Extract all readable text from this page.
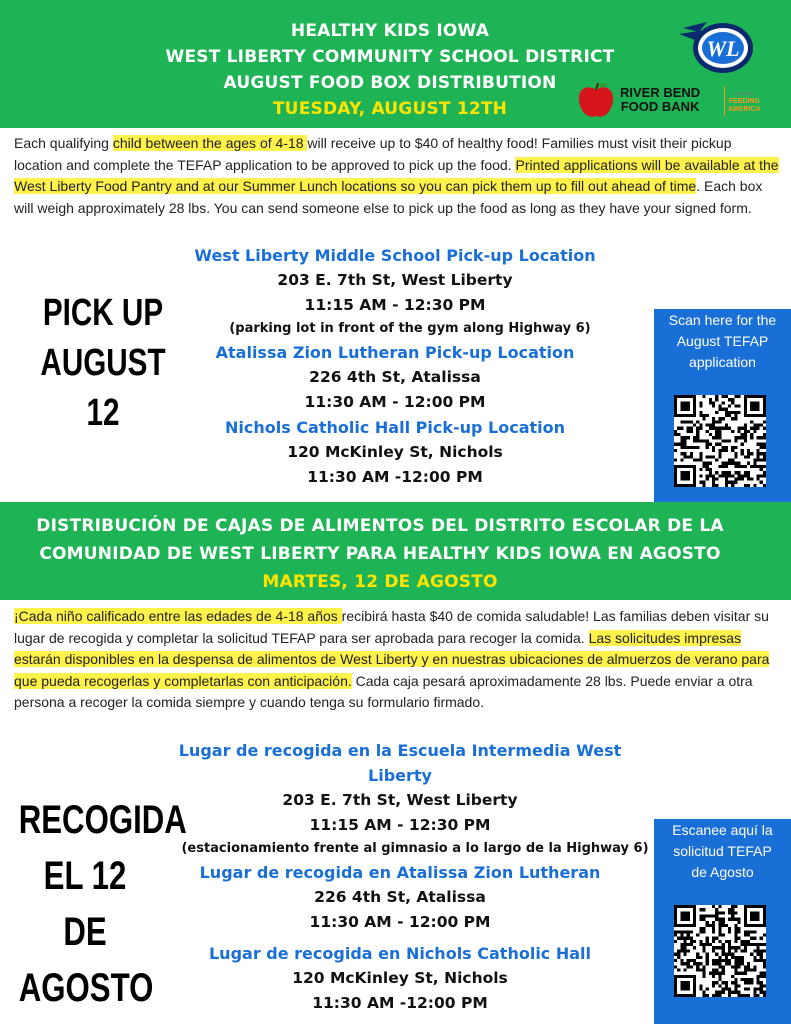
HEALTHY KIDS IOWA
WEST LIBERTY COMMUNITY SCHOOL DISTRICT
AUGUST FOOD BOX DISTRIBUTION
TUESDAY, AUGUST 12TH
WL
RIVER BEND
FOOD BANK
PARTNER
FEEDING
AMERICA
Each qualifying child between the ages of 4-18 will receive up to $40 of healthy food! Families must visit their pickup location and complete the TEFAP application to be approved to pick up the food. Printed applications will be available at the West Liberty Food Pantry and at our Summer Lunch locations so you can pick them up to fill out ahead of time. Each box will weigh approximately 28 lbs. You can send someone else to pick up the food as long as they have your signed form.
PICK UP
AUGUST 12
West Liberty Middle School Pick-up Location
203 E. 7th St, West Liberty
11:15 AM - 12:30 PM
(parking lot in front of the gym along Highway 6)
Atalissa Zion Lutheran Pick-up Location
226 4th St, Atalissa
11:30 AM - 12:00 PM
Nichols Catholic Hall Pick-up Location
120 McKinley St, Nichols
11:30 AM -12:00 PM
Scan here for the August TEFAP application
DISTRIBUCIÓN DE CAJAS DE ALIMENTOS DEL DISTRITO ESCOLAR DE LA
COMUNIDAD DE WEST LIBERTY PARA HEALTHY KIDS IOWA EN AGOSTO
MARTES, 12 DE AGOSTO
¡Cada niño calificado entre las edades de 4-18 años recibirá hasta $40 de comida saludable! Las familias deben visitar su lugar de recogida y completar la solicitud TEFAP para ser aprobada para recoger la comida. Las solicitudes impresas estarán disponibles en la despensa de alimentos de West Liberty y en nuestras ubicaciones de almuerzos de verano para que pueda recogerlas y completarlas con anticipación. Cada caja pesará aproximadamente 28 lbs. Puede enviar a otra persona a recoger la comida siempre y cuando tenga su formulario firmado.
RECOGIDA
EL 12 DE
AGOSTO
Lugar de recogida en la Escuela Intermedia West Liberty
203 E. 7th St, West Liberty
11:15 AM - 12:30 PM
(estacionamiento frente al gimnasio a lo largo de la Highway 6)
Lugar de recogida en Atalissa Zion Lutheran
226 4th St, Atalissa
11:30 AM - 12:00 PM
Lugar de recogida en Nichols Catholic Hall
120 McKinley St, Nichols
11:30 AM -12:00 PM
Escanee aquí la solicitud TEFAP de Agosto
